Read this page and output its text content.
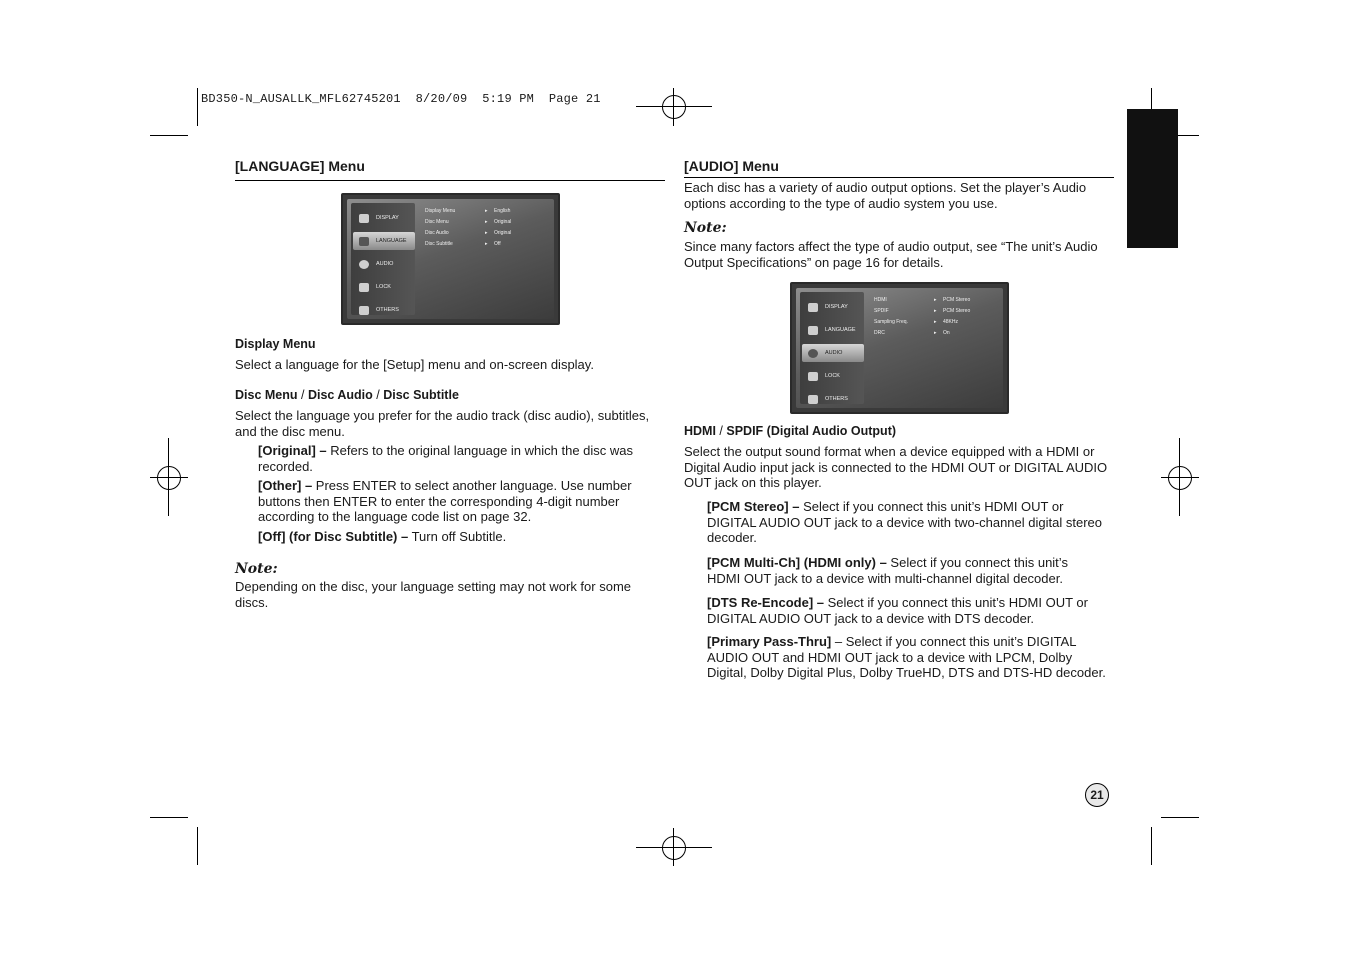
BD350-N_AUSALLK_MFL62745201  8/20/09  5:19 PM  Page 21
[LANGUAGE] Menu
DISPLAY
LANGUAGE
AUDIO
LOCK
OTHERS
Display Menu	▸	English
Disc Menu	▸	Original
Disc Audio	▸	Original
Disc Subtitle	▸	Off
Display Menu

Select a language for the [Setup] menu and on-screen display.

Disc Menu / Disc Audio / Disc Subtitle

Select the language you prefer for the audio track (disc audio), subtitles, and the disc menu.

[Original] – Refers to the original language in which the disc was recorded.

[Other] – Press ENTER to select another language. Use number buttons then ENTER to enter the corresponding 4-digit number according to the language code list on page 32.

[Off] (for Disc Subtitle) – Turn off Subtitle.

Note:

Depending on the disc, your language setting may not work for some discs.

[AUDIO] Menu

Each disc has a variety of audio output options. Set the player’s Audio options according to the type of audio system you use.

Note:

Since many factors affect the type of audio output, see “The unit’s Audio Output Specifications” on page 16 for details.

DISPLAY
LANGUAGE
AUDIO
LOCK
OTHERS
HDMI	▸	PCM Stereo
SPDIF	▸	PCM Stereo
Sampling Freq.	▸	48KHz
DRC	▸	On
HDMI / SPDIF (Digital Audio Output)

Select the output sound format when a device equipped with a HDMI or Digital Audio input jack is connected to the HDMI OUT or DIGITAL AUDIO OUT jack on this player.

[PCM Stereo] – Select if you connect this unit’s HDMI OUT or DIGITAL AUDIO OUT jack to a device with two-channel digital stereo decoder.

[PCM Multi-Ch] (HDMI only) – Select if you connect this unit’s HDMI OUT jack to a device with multi-channel digital decoder.

[DTS Re-Encode] – Select if you connect this unit’s HDMI OUT or DIGITAL AUDIO OUT jack to a device with DTS decoder.

[Primary Pass-Thru] – Select if you connect this unit’s DIGITAL AUDIO OUT and HDMI OUT jack to a device with LPCM, Dolby Digital, Dolby Digital Plus, Dolby TrueHD, DTS and DTS-HD decoder.

21
